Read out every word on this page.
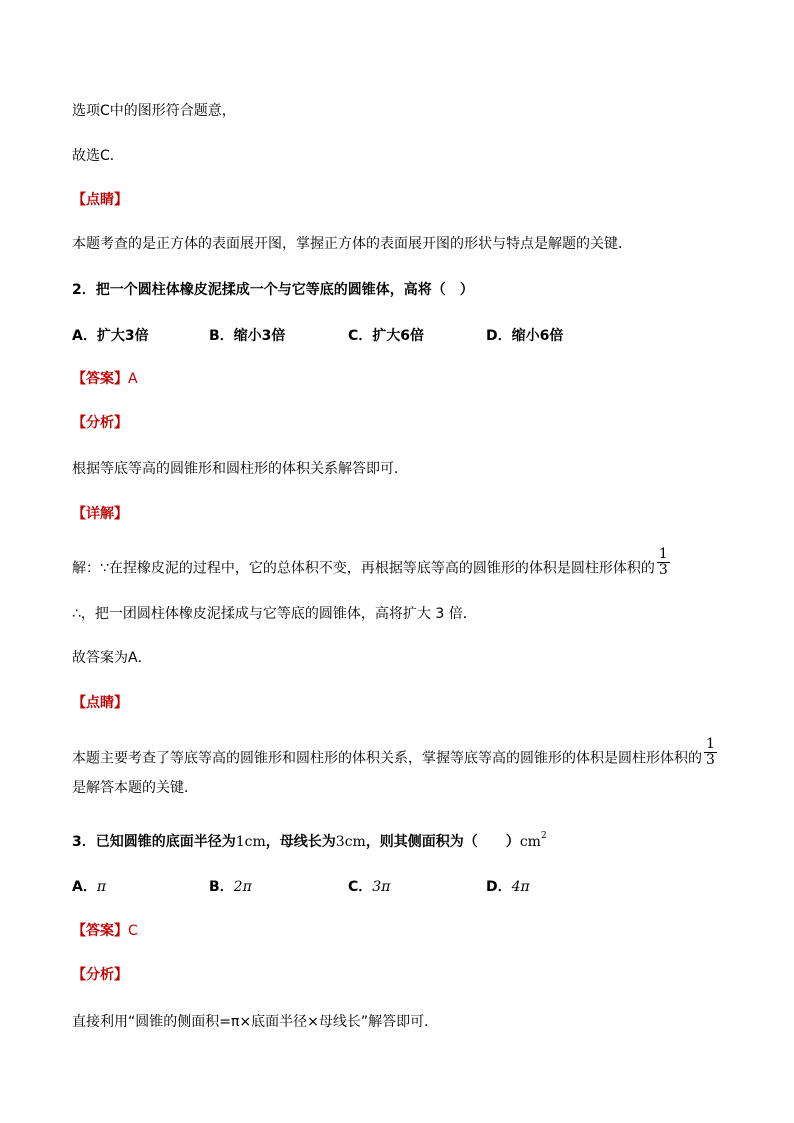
选项C中的图形符合题意，
故选C．
【点睛】
本题考查的是正方体的表面展开图，掌握正方体的表面展开图的形状与特点是解题的关键．
2．把一个圆柱体橡皮泥揉成一个与它等底的圆锥体，高将（　）
A．扩大3倍	B．缩小3倍	C．扩大6倍	D．缩小6倍
【答案】A
【分析】
根据等底等高的圆锥形和圆柱形的体积关系解答即可．
【详解】
解：∵在捏橡皮泥的过程中，它的总体积不变，再根据等底等高的圆锥形的体积是圆柱形体积的 $\frac{1}{3}$
∴，把一团圆柱体橡皮泥揉成与它等底的圆锥体，高将扩大 3 倍．
故答案为A．
【点睛】
本题主要考查了等底等高的圆锥形和圆柱形的体积关系，掌握等底等高的圆锥形的体积是圆柱形体积的 $\frac{1}{3}$
是解答本题的关键．
3．已知圆锥的底面半径为1cm，母线长为3cm，则其侧面积为（　　）$cm^2$
A．π	B．2π	C．3π	D．4π
【答案】C
【分析】
直接利用“圆锥的侧面积=π×底面半径×母线长”解答即可．
